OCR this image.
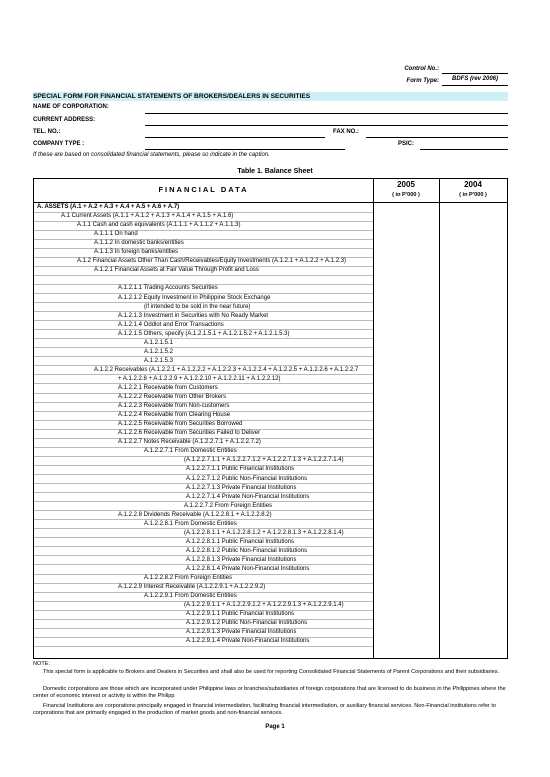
Control No.:
Form Type:	BDFS (rev 2006)
SPECIAL FORM FOR FINANCIAL STATEMENTS OF BROKERS/DEALERS IN SECURITIES
NAME OF CORPORATION:
CURRENT ADDRESS:
TEL. NO.:	FAX NO.:
COMPANY TYPE :	PSIC:
If these are based on consolidated financial statements, please so indicate in the caption.
Table 1. Balance Sheet
FINANCIAL DATA
2005	2004
( in P'000 )	( in P'000 )
A. ASSETS (A.1 + A.2 + A.3 + A.4 + A.5 + A.6 + A.7)
A.1 Current Assets (A.1.1 + A.1.2 + A.1.3 + A.1.4 + A.1.5 + A.1.6)
A.1.1 Cash and cash equivalents (A.1.1.1 + A.1.1.2 + A.1.1.3)
A.1.1.1 On hand
A.1.1.2 In domestic banks/entities
A.1.1.3 In foreign banks/entities
A.1.2 Financial Assets Other Than Cash/Receivables/Equity Investments (A.1.2.1 + A.1.2.2 + A.1.2.3)
A.1.2.1 Financial Assets at Fair Value Through Profit and Loss
A.1.2.1.1 Trading Accounts Securities
A.1.2.1.2 Equity Investment in Philippine Stock Exchange
(if intended to be sold in the near future)
A.1.2.1.3 Investment in Securities with No Ready Market
A.1.2.1.4 Oddlot and Error Transactions
A.1.2.1.5 Others, specify (A.1.2.1.5.1 + A.1.2.1.5.2 + A.1.2.1.5.3)
A.1.2.1.5.1
A.1.2.1.5.2
A.1.2.1.5.3
A.1.2.2 Receivables (A.1.2.2.1 + A.1.2.2.2 + A.1.2.2.3 + A.1.2.2.4 + A.1.2.2.5 + A.1.2.2.6 + A.1.2.2.7
+ A.1.2.2.8 + A.1.2.2.9 + A.1.2.2.10 + A.1.2.2.11 + A.1.2.2.12)
A.1.2.2.1 Receivable from Customers
A.1.2.2.2 Receivable from Other Brokers
A.1.2.2.3 Receivable from Non-customers
A.1.2.2.4 Receivable from Clearing House
A.1.2.2.5 Receivable from Securities Borrowed
A.1.2.2.6 Receivable from Securities Failed to Deliver
A.1.2.2.7 Notes Receivable (A.1.2.2.7.1 + A.1.2.2.7.2)
A.1.2.2.7.1 From Domestic Entities
(A.1.2.2.7.1.1 + A.1.2.2.7.1.2 + A.1.2.2.7.1.3 + A.1.2.2.7.1.4)
A.1.2.2.7.1.1 Public Financial Institutions
A.1.2.2.7.1.2 Public Non-Financial Institutions
A.1.2.2.7.1.3 Private Financial Institutions
A.1.2.2.7.1.4 Private Non-Financial Institutions
A.1.2.2.7.2 From Foreign Entities
A.1.2.2.8 Dividends Receivable (A.1.2.2.8.1 + A.1.2.2.8.2)
A.1.2.2.8.1 From Domestic Entities
(A.1.2.2.8.1.1 + A.1.2.2.8.1.2 + A.1.2.2.8.1.3 + A.1.2.2.8.1.4)
A.1.2.2.8.1.1 Public Financial Institutions
A.1.2.2.8.1.2 Public Non-Financial Institutions
A.1.2.2.8.1.3 Private Financial Institutions
A.1.2.2.8.1.4 Private Non-Financial Institutions
A.1.2.2.8.2 From Foreign Entities
A.1.2.2.9 Interest Receivable (A.1.2.2.9.1 + A.1.2.2.9.2)
A.1.2.2.9.1 From Domestic Entities
(A.1.2.2.9.1.1 + A.1.2.2.9.1.2 + A.1.2.2.9.1.3 + A.1.2.2.9.1.4)
A.1.2.2.9.1.1 Public Financial Institutions
A.1.2.2.9.1.2 Public Non-Financial Institutions
A.1.2.2.9.1.3 Private Financial Institutions
A.1.2.2.9.1.4 Private Non-Financial Institutions
NOTE:
This special form is applicable to Brokers and Dealers in Securities and shall also be used for reporting Consolidated Financial Statements of Parent Corporations and their subsidiaries.
Domestic corporations are those which are incorporated under Philippine laws or branches/subsidiaries of foreign corporations that are licensed to do business in the Philippines where the center of economic interest or activity is within the Philipp
Financial Institutions are corporations principally engaged in financial intermediation, facilitating financial intermediation, or auxiliary financial services. Non-Financial institutions refer to corporations that are primarily engaged in the production of market goods and non-financial services.
Page 1
